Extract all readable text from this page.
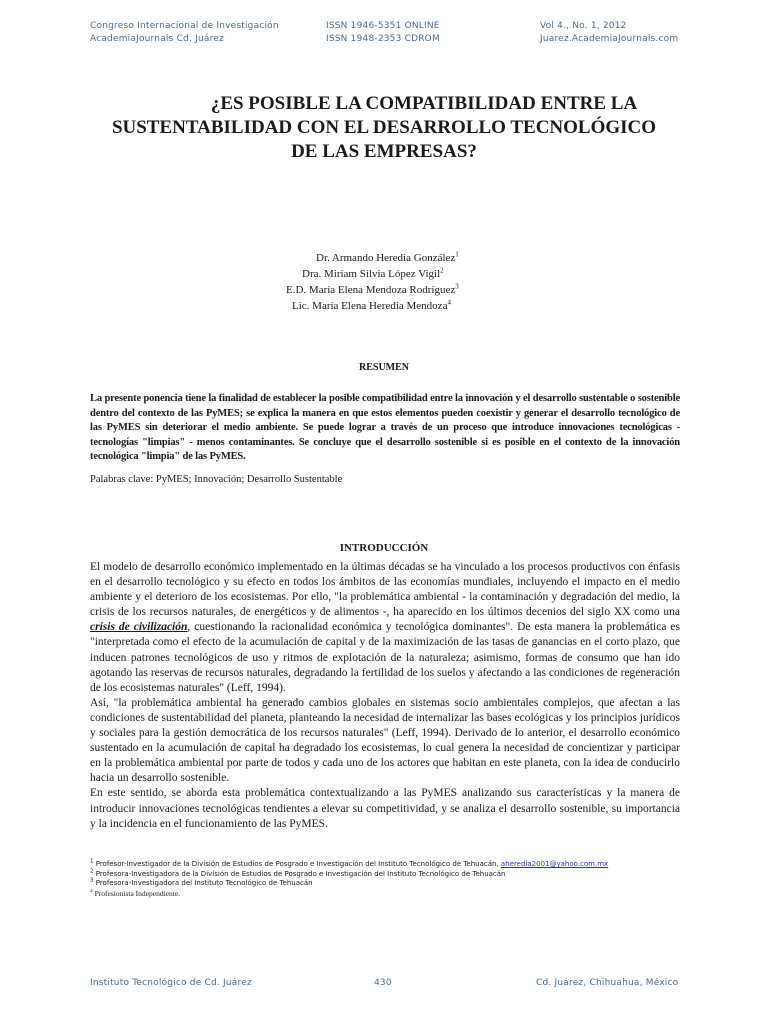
Congreso Internacional de Investigación
AcademiaJournals Cd. Juárez
ISSN 1946-5351 ONLINE
ISSN 1948-2353 CDROM
Vol 4., No. 1, 2012
Juarez.AcademiaJournals.com
¿ES POSIBLE LA COMPATIBILIDAD ENTRE LA
SUSTENTABILIDAD CON EL DESARROLLO TECNOLÓGICO
DE LAS EMPRESAS?
Dr. Armando Heredia González$^1$
Dra. Miriam Silvia López Vigil$^2$
E.D. María Elena Mendoza Rodríguez$^3$
Lic. María Elena Heredia Mendoza$^4$
RESUMEN
La presente ponencia tiene la finalidad de establecer la posible compatibilidad entre la innovación y el desarrollo sustentable o sostenible dentro del contexto de las PyMES; se explica la manera en que estos elementos pueden coexistir y generar el desarrollo tecnológico de las PyMES sin deteriorar el medio ambiente. Se puede lograr a través de un proceso que introduce innovaciones tecnológicas - tecnologías "limpias" - menos contaminantes. Se concluye que el desarrollo sostenible si es posible en el contexto de la innovación tecnológica "limpia" de las PyMES.
Palabras clave: PyMES; Innovación; Desarrollo Sustentable
INTRODUCCIÓN

El modelo de desarrollo económico implementado en la últimas décadas se ha vinculado a los procesos productivos con énfasis en el desarrollo tecnológico y su efecto en todos los ámbitos de las economías mundiales, incluyendo el impacto en el medio ambiente y el deterioro de los ecosistemas. Por ello, "la problemática ambiental - la contaminación y degradación del medio, la crisis de los recursos naturales, de energéticos y de alimentos -, ha aparecido en los últimos decenios del siglo XX como una crisis de civilización, cuestionando la racionalidad económica y tecnológica dominantes". De esta manera la problemática es "interpretada como el efecto de la acumulación de capital y de la maximización de las tasas de ganancias en el corto plazo, que inducen patrones tecnológicos de uso y ritmos de explotación de la naturaleza; asimismo, formas de consumo que han ido agotando las reservas de recursos naturales, degradando la fertilidad de los suelos y afectando a las condiciones de regeneración de los ecosistemas naturales" (Leff, 1994).

Así, "la problemática ambiental ha generado cambios globales en sistemas socio ambientales complejos, que afectan a las condiciones de sustentabilidad del planeta, planteando la necesidad de internalizar las bases ecológicas y los principios jurídicos y sociales para la gestión democrática de los recursos naturales" (Leff, 1994). Derivado de lo anterior, el desarrollo económico sustentado en la acumulación de capital ha degradado los ecosistemas, lo cual genera la necesidad de concientizar y participar en la problemática ambiental por parte de todos y cada uno de los actores que habitan en este planeta, con la idea de conducirlo hacia un desarrollo sostenible.

En este sentido, se aborda esta problemática contextualizando a las PyMES analizando sus características y la manera de introducir innovaciones tecnológicas tendientes a elevar su competitividad, y se analiza el desarrollo sostenible, su importancia y la incidencia en el funcionamiento de las PyMES.

$^1$ Profesor-Investigador de la División de Estudios de Posgrado e Investigación del Instituto Tecnológico de Tehuacán, aheredia2001@yahoo.com.mx
$^2$ Profesora-Investigadora de la División de Estudios de Posgrado e Investigación del Instituto Tecnológico de Tehuacán
$^3$ Profesora-Investigadora del Instituto Tecnológico de Tehuacán
$^4$ Profesionista Independiente.
Instituto Tecnológico de Cd. Juárez	430	Cd. Juárez, Chihuahua, México
